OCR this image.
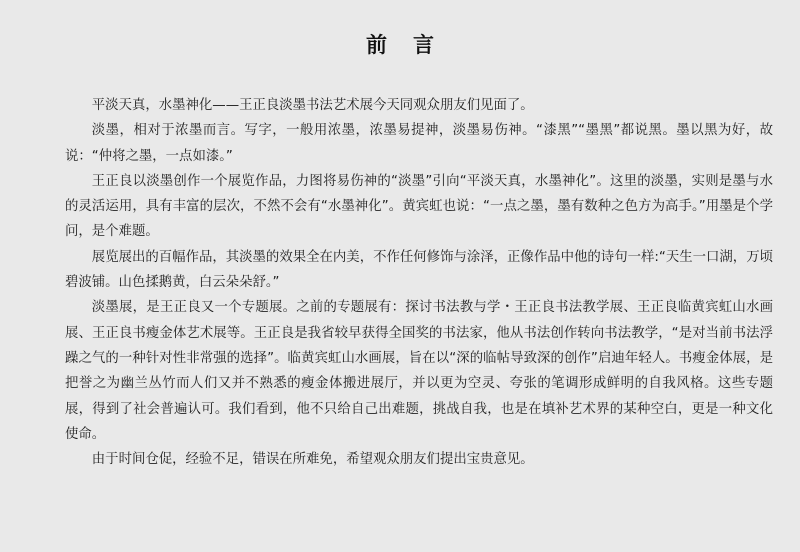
前言

平淡天真，水墨神化——王正良淡墨书法艺术展今天同观众朋友们见面了。

淡墨，相对于浓墨而言。写字，一般用浓墨，浓墨易提神，淡墨易伤神。“漆黑”“墨黑”都说黑。墨以黑为好，故说：“仲将之墨，一点如漆。”

王正良以淡墨创作一个展览作品，力图将易伤神的“淡墨”引向“平淡天真，水墨神化”。这里的淡墨，实则是墨与水的灵活运用，具有丰富的层次，不然不会有“水墨神化”。黄宾虹也说：“一点之墨，墨有数种之色方为高手。”用墨是个学问，是个难题。

展览展出的百幅作品，其淡墨的效果全在内美，不作任何修饰与涂泽，正像作品中他的诗句一样:“天生一口湖，万顷碧波铺。山色揉鹅黄，白云朵朵舒。”

淡墨展，是王正良又一个专题展。之前的专题展有：探讨书法教与学・王正良书法教学展、王正良临黄宾虹山水画展、王正良书瘦金体艺术展等。王正良是我省较早获得全国奖的书法家，他从书法创作转向书法教学，“是对当前书法浮躁之气的一种针对性非常强的选择”。临黄宾虹山水画展，旨在以“深的临帖导致深的创作”启迪年轻人。书瘦金体展，是把誉之为幽兰丛竹而人们又并不熟悉的瘦金体搬进展厅，并以更为空灵、夸张的笔调形成鲜明的自我风格。这些专题展，得到了社会普遍认可。我们看到，他不只给自己出难题，挑战自我，也是在填补艺术界的某种空白，更是一种文化使命。

由于时间仓促，经验不足，错误在所难免，希望观众朋友们提出宝贵意见。
